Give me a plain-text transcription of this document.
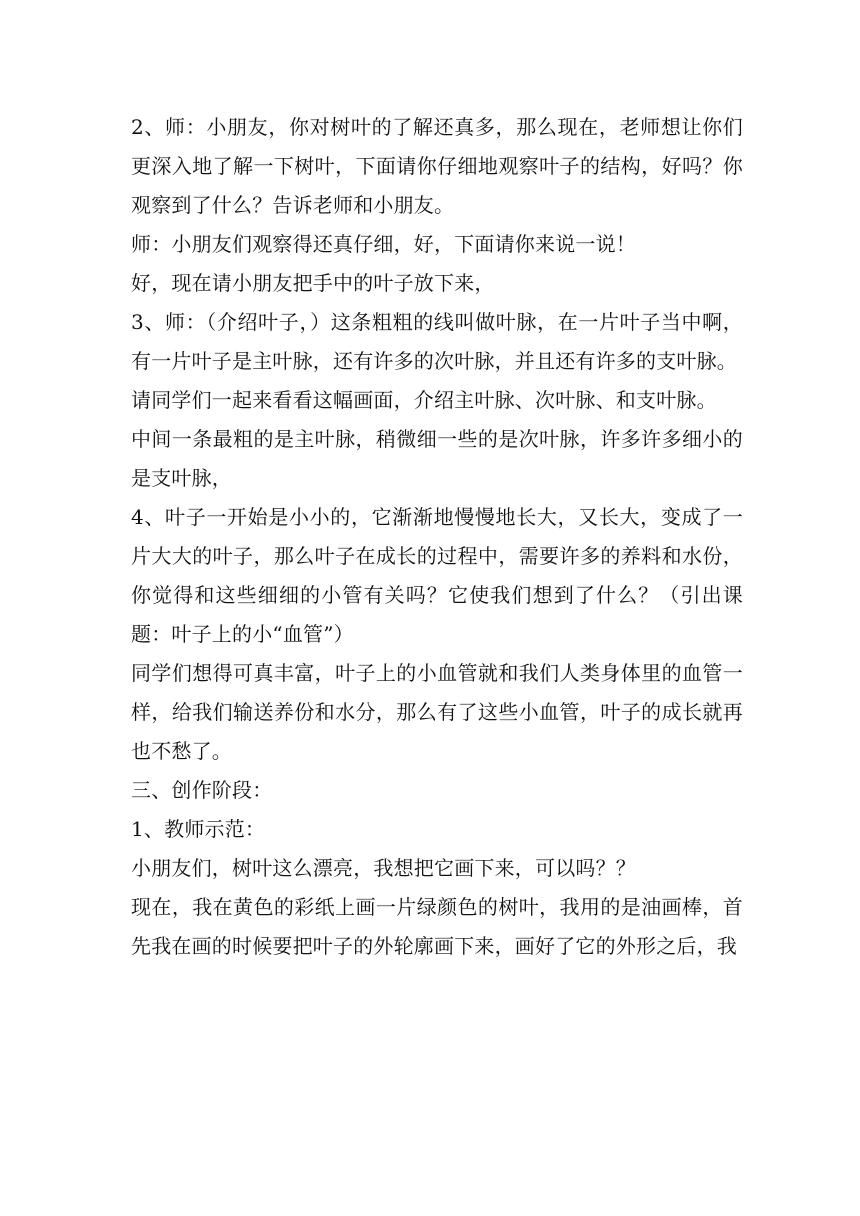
2、师：小朋友，你对树叶的了解还真多，那么现在，老师想让你们更深入地了解一下树叶，下面请你仔细地观察叶子的结构，好吗？你观察到了什么？告诉老师和小朋友。

师：小朋友们观察得还真仔细，好，下面请你来说一说！

好，现在请小朋友把手中的叶子放下来，

3、师：（介绍叶子，）这条粗粗的线叫做叶脉，在一片叶子当中啊，有一片叶子是主叶脉，还有许多的次叶脉，并且还有许多的支叶脉。

请同学们一起来看看这幅画面，介绍主叶脉、次叶脉、和支叶脉。

中间一条最粗的是主叶脉，稍微细一些的是次叶脉，许多许多细小的是支叶脉，

4、叶子一开始是小小的，它渐渐地慢慢地长大，又长大，变成了一片大大的叶子，那么叶子在成长的过程中，需要许多的养料和水份，你觉得和这些细细的小管有关吗？它使我们想到了什么？（引出课题：叶子上的小“血管”）

同学们想得可真丰富，叶子上的小血管就和我们人类身体里的血管一样，给我们输送养份和水分，那么有了这些小血管，叶子的成长就再也不愁了。

三、创作阶段：

1、教师示范：

小朋友们，树叶这么漂亮，我想把它画下来，可以吗？？

现在，我在黄色的彩纸上画一片绿颜色的树叶，我用的是油画棒，首先我在画的时候要把叶子的外轮廓画下来，画好了它的外形之后，我
